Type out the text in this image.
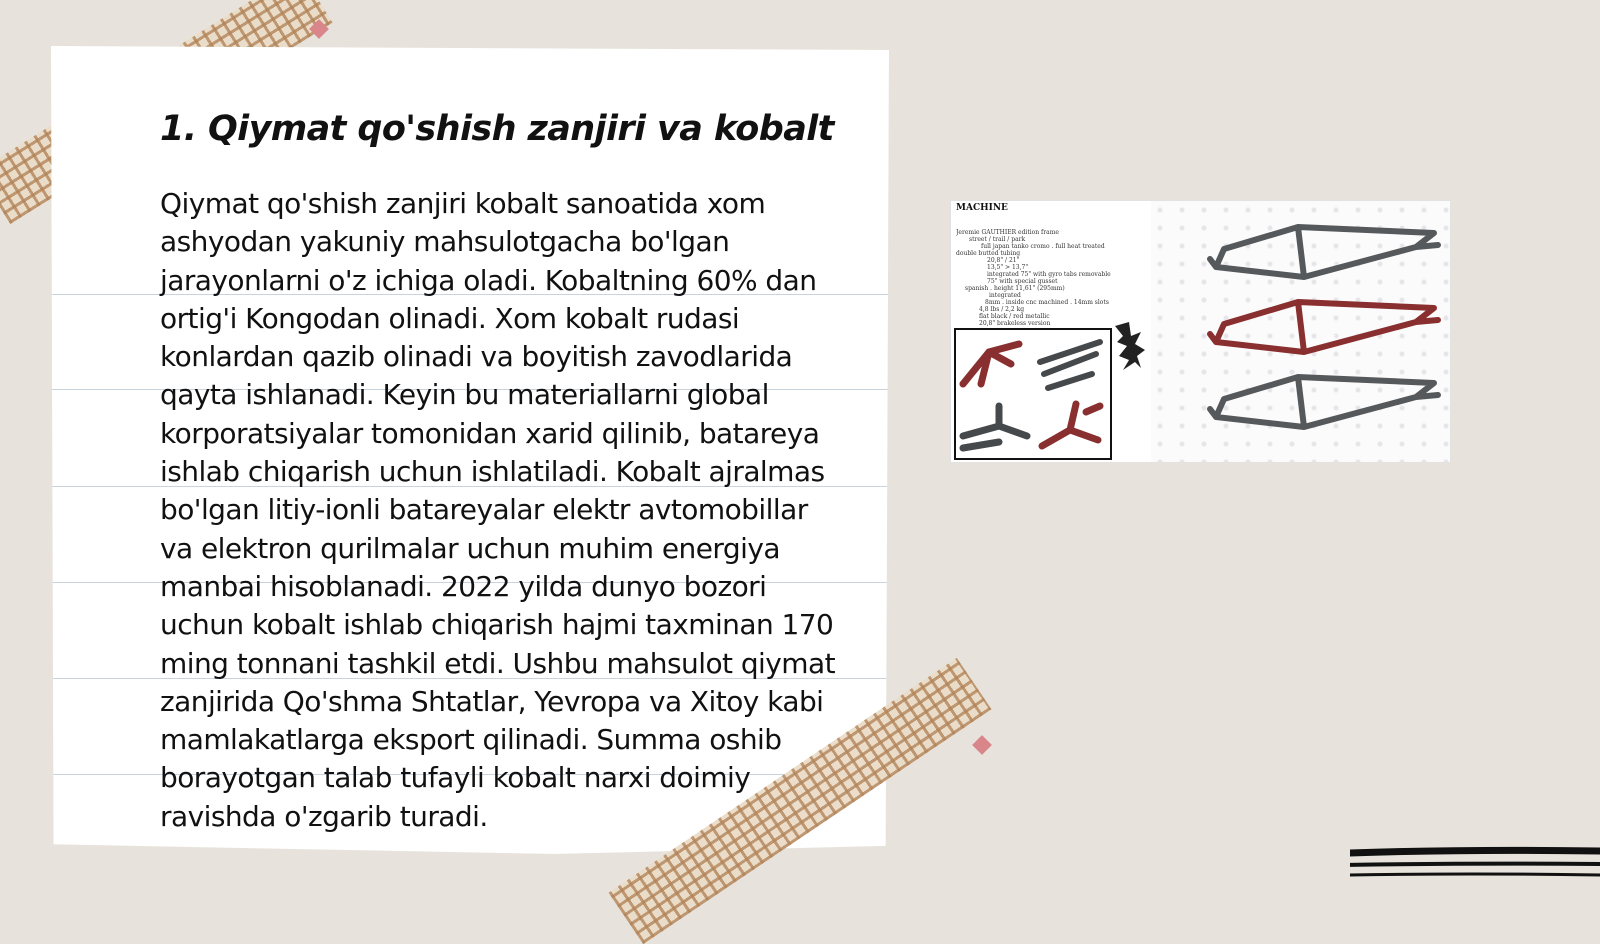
1. Qiymat qo'shish zanjiri va kobalt

Qiymat qo'shish zanjiri kobalt sanoatida xom ashyodan yakuniy mahsulotgacha bo'lgan jarayonlarni o'z ichiga oladi. Kobaltning 60% dan ortig'i Kongodan olinadi. Xom kobalt rudasi konlardan qazib olinadi va boyitish zavodlarida qayta ishlanadi. Keyin bu materiallarni global korporatsiyalar tomonidan xarid qilinib, batareya ishlab chiqarish uchun ishlatiladi. Kobalt ajralmas bo'lgan litiy-ionli batareyalar elektr avtomobillar va elektron qurilmalar uchun muhim energiya manbai hisoblanadi. 2022 yilda dunyo bozori uchun kobalt ishlab chiqarish hajmi taxminan 170 ming tonnani tashkil etdi. Ushbu mahsulot qiymat zanjirida Qo'shma Shtatlar, Yevropa va Xitoy kabi mamlakatlarga eksport qilinadi. Summa oshib borayotgan talab tufayli kobalt narxi doimiy ravishda o'zgarib turadi.

MACHINE
Jeremie GAUTHIER edition frame
street / trail / park
full japan tanko cromo . full heat treated
double butted tubing
20,8" / 21"
13,5" > 13,7"
integrated 75" with gyro tabs removable
75" with special gusset
spanish . height 11,61" (295mm)
integrated
8mm . inside cnc machined . 14mm slots
4,8 lbs / 2,2 kg
flat black / red metallic
20,8" brakeless version
MACHINE
MACHINE
MACHINE
